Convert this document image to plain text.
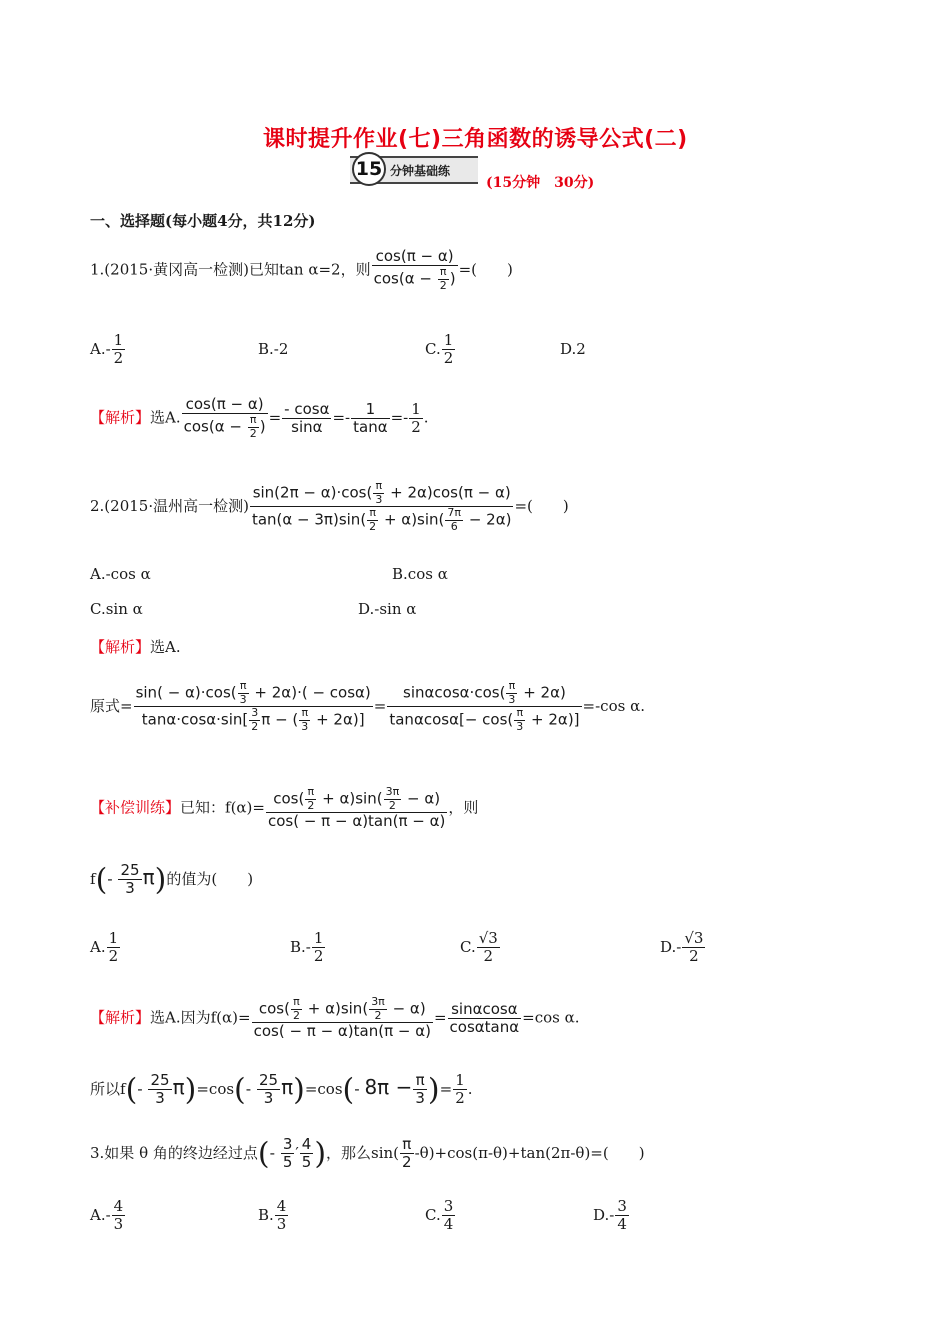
课时提升作业(七)三角函数的诱导公式(二)
15 分钟基础练
(15分钟　30分)
一、选择题(每小题4分，共12分)
1.(2015·黄冈高一检测)已知tan α=2，则 $\frac{\cos(\pi - \alpha)}{\cos(\alpha - \frac{\pi}{2} )}$ =(　　)
$A.- \frac{1}{2}$	B.-2	C. $\frac{1}{2}$	D.2
【解析】选A. $\frac{\cos(\pi - \alpha)}{\cos(\alpha - \frac{\pi}{2} )} = \frac{- \cos\alpha}{\sin\alpha} =- \frac{1}{\tan\alpha} =- \frac{1}{2}$ .
2.(2015·温州高一检测) $\frac{\sin(2\pi - \alpha)\cdot\cos( \frac{\pi}{3} + 2\alpha)\cos(\pi - \alpha)}{\tan(\alpha - 3\pi)\sin( \frac{\pi}{2} + \alpha)\sin( \frac{7\pi}{6} - 2\alpha)}$ =(　　)
A.-cos α	B.cos α
C.sin α	D.-sin α
【解析】选A.
原式= $\frac{\sin( - \alpha)\cdot\cos( \frac{\pi}{3} + 2\alpha)\cdot( - \cos\alpha)}{\tan\alpha\cdot\cos\alpha\cdot\sin[ \frac{3}{2} \pi - ( \frac{\pi}{3} + 2\alpha)]} = \frac{\sin\alpha\cos\alpha\cdot\cos( \frac{\pi}{3} + 2\alpha)}{\tan\alpha\cos\alpha[- \cos( \frac{\pi}{3} + 2\alpha)]} =-\cos$ α.
【补偿训练】已知：$f(\alpha)= \frac{\cos( \frac{\pi}{2} + \alpha)\sin( \frac{3\pi}{2} - \alpha)}{\cos( - \pi - \alpha)\tan(\pi - \alpha)}$ ，则
$f(- \frac{25}{3} \pi)$的值为(　　)
A. $\frac{1}{2}$	$B.- \frac{1}{2}$	C. $\frac{√3}{2}$	$D.- \frac{√3}{2}$
【解析】选A.因为$f(\alpha)= \frac{\cos( \frac{\pi}{2} + \alpha)\sin( \frac{3\pi}{2} - \alpha)}{\cos( - \pi - \alpha)\tan(\pi - \alpha)} = \frac{\sin\alpha\cos\alpha}{\cos\alpha\tan\alpha} =\cos$ α.
所以$f(- \frac{25}{3} \pi)=\cos(- \frac{25}{3} \pi)=\cos(-$ $8\pi - \frac{\pi}{3}$ )= $\frac{1}{2}$ .
3.如果 θ 角的终边经过点(- $\frac{3}{5}$ ′ $\frac{4}{5}$ )，那么$\sin( \frac{\pi}{2} -\theta)+\cos(\pi-\theta)+\tan(2\pi-\theta)=$(　　)
$A.- \frac{4}{3}$	B. $\frac{4}{3}$	C. $\frac{3}{4}$	$D.- \frac{3}{4}$
